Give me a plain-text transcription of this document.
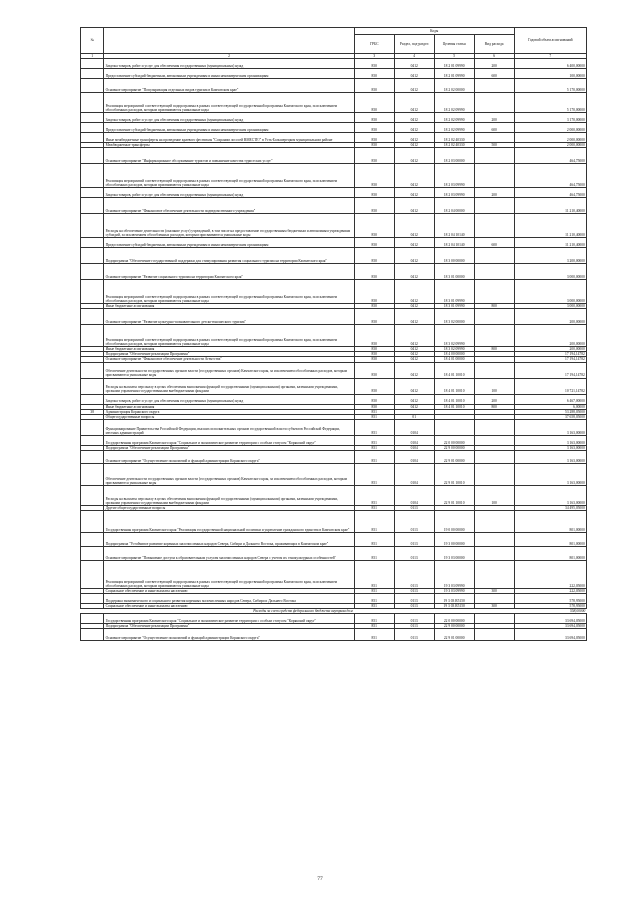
№		Коды				Годовой объем ассигнований
		ГРБС	Раздел, под-раздел	Целевая статья	Вид расхода	
1	2	3	4	5	6	7
	Закупка товаров, работ и услуг для обеспечения государственных (муниципальных) нужд	850	0412	18 2 01 09990	200	6 400,00000
	Предоставление субсидий бюджетным, автономным учреждениям и иным некоммерческим организациям	850	0412	18 2 01 09990	600	100,00000
	Основное мероприятие "Популяризация отдельных видов туризма в Камчатском крае"	850	0412	18 2 02 00000		5 170,00000
	Реализация мероприятий соответствующей подпрограммы в рамках соответствующей государственной программы Камчатского края, за исключением обособленных расходов, которым присваиваются уникальные коды	850	0412	18 2 02 09990		5 170,00000
	Закупка товаров, работ и услуг для обеспечения государственных (муниципальных) нужд	850	0412	18 2 02 09990	200	3 170,00000
	Предоставление субсидий бюджетным, автономным учреждениям и иным некоммерческим организациям	850	0412	18 2 02 09990	600	2 000,00000
	Иные межбюджетные трансферты на проведение краевого фестиваля "Сохраним лососей ВМЕСТЕ!" в Усть-Большерецком муниципальном районе	850	0412	18 2 02 40330		2 000,00000
	Межбюджетные трансферты	850	0412	18 2 02 40330	500	2 000,00000
	Основное мероприятие "Информационное обслуживание туристов и повышение качества туристских услуг"	850	0412	18 2 03 00000		464,75000
	Реализация мероприятий соответствующей подпрограммы в рамках соответствующей государственной программы Камчатского края, за исключением обособленных расходов, которым присваиваются уникальные коды	850	0412	18 2 03 09990		464,75000
	Закупка товаров, работ и услуг для обеспечения государственных (муниципальных) нужд	850	0412	18 2 03 09990	200	464,75000
	Основное мероприятие "Финансовое обеспечение деятельности подведомственного учреждения"	850	0412	18 2 04 00000		11 210,40000
	Расходы на обеспечение деятельности (оказание услуг) учреждений, в том числе на предоставление государственным бюджетным и автономным учреждениям субсидий, за исключением обособленных расходов, которым присваиваются уникальные коды	850	0412	18 2 04 10140		11 210,40000
	Предоставление субсидий бюджетным, автономным учреждениям и иным некоммерческим организациям	850	0412	18 2 04 10140	600	11 210,40000
	Подпрограмма "Обеспечение государственной поддержки для стимулирования развития социального туризма на территории Камчатского края"	850	0412	18 3 00 00000		3 200,00000
	Основное мероприятие "Развитие социального туризма на территории Камчатского края"	850	0412	18 3 01 00000		3 000,00000
	Реализация мероприятий соответствующей подпрограммы в рамках соответствующей государственной программы Камчатского края, за исключением обособленных расходов, которым присваиваются уникальные коды	850	0412	18 3 01 09990		3 000,00000
	Иные бюджетные ассигнования	850	0412	18 3 01 09990	800	3 000,00000
	Основное мероприятие "Развитие культурно-познавательного детско-юношеского туризма"	850	0412	18 3 02 00000		200,00000
	Реализация мероприятий соответствующей подпрограммы в рамках соответствующей государственной программы Камчатского края, за исключением обособленных расходов, которым присваиваются уникальные коды	850	0412	18 3 02 09990		200,00000
	Иные бюджетные ассигнования	850	0412	18 3 02 09990	800	200,00000
	Подпрограмма "Обеспечение реализации Программы"	850	0412	18 4 00 00000		17 194,14782
	Основное мероприятие "Финансовое обеспечение деятельности Агентства"	850	0412	18 4 01 00000		17 194,14782
	Обеспечение деятельности государственных органов власти (государственных органов) Камчатского края, за исключением обособленных расходов, которым присваиваются уникальные коды	850	0412	18 4 01 10010		17 194,14782
	Расходы на выплаты персоналу в целях обеспечения выполнения функций государственными (муниципальными) органами, казенными учреждениями, органами управления государственными внебюджетными фондами	850	0412	18 4 01 10010	100	10 721,14782
	Закупка товаров, работ и услуг для обеспечения государственных (муниципальных) нужд	850	0412	18 4 01 10010	200	6 467,00000
	Иные бюджетные ассигнования	850	0412	18 4 01 10010	800	6,00000
38	Администрация Корякского округа	851				53 288,05000
	Общегосударственные вопросы	851	01			37 658,05000
	Функционирование Правительства Российской Федерации, высших исполнительных органов государственной власти субъектов Российской Федерации, местных администраций	851	0104			3 163,00000
	Государственная программа Камчатского края "Социальное и экономическое развитие территории с особым статусом "Корякский округ"	851	0104	22 0 00 00000		3 163,00000
	Подпрограмма "Обеспечение реализации Программы"	851	0104	22 9 00 00000		3 163,00000
	Основное мероприятие "Осуществление полномочий и функций администрации Корякского округа"	851	0104	22 9 01 00000		3 163,00000
	Обеспечение деятельности государственных органов власти (государственных органов) Камчатского края, за исключением обособленных расходов, которым присваиваются уникальные коды	851	0104	22 9 01 10010		3 163,00000
	Расходы на выплаты персоналу в целях обеспечения выполнения функций государственными (муниципальными) органами, казенными учреждениями, органами управления государственными внебюджетными фондами	851	0104	22 9 01 10010	100	3 163,00000
	Другие общегосударственные вопросы	851	0113			34 495,05000
	Государственная программа Камчатского края "Реализация государственной национальной политики и укрепление гражданского единства в Камчатском крае"	851	0113	19 0 00 00000		801,00000
	Подпрограмма "Устойчивое развитие коренных малочисленных народов Севера, Сибири и Дальнего Востока, проживающих в Камчатском крае"	851	0113	19 3 00 00000		801,00000
	Основное мероприятие "Повышение доступа к образовательным услугам малочисленных народов Севера с учетом их этнокультурных особенностей"	851	0113	19 3 03 00000		801,00000
	Реализация мероприятий соответствующей подпрограммы в рамках соответствующей государственной программы Камчатского края, за исключением обособленных расходов, которым присваиваются уникальные коды	851	0113	19 3 03 09990		222,05000
	Социальное обеспечение и иные выплаты населению	851	0113	19 3 03 09990	300	222,05000
	Поддержка экономического и социального развития коренных малочисленных народов Севера, Сибири и Дальнего Востока	851	0113	19 3 03 R5150		578,95000
	Социальное обеспечение и иные выплаты населению	851	0113	19 3 03 R5150	300	578,95000
	Расходы за счет средств федерального бюджета внутрияя долг					558,00000
	Государственная программа Камчатского края "Социальное и экономическое развитие территории с особым статусом "Корякский округ"	851	0113	22 0 00 00000		33 694,05000
	Подпрограмма "Обеспечение реализации Программы"	851	0113	22 9 00 00000		33 694,05000
	Основное мероприятие "Осуществление полномочий и функций администрации Корякского округа"	851	0113	22 9 01 00000		33 694,05000
77
